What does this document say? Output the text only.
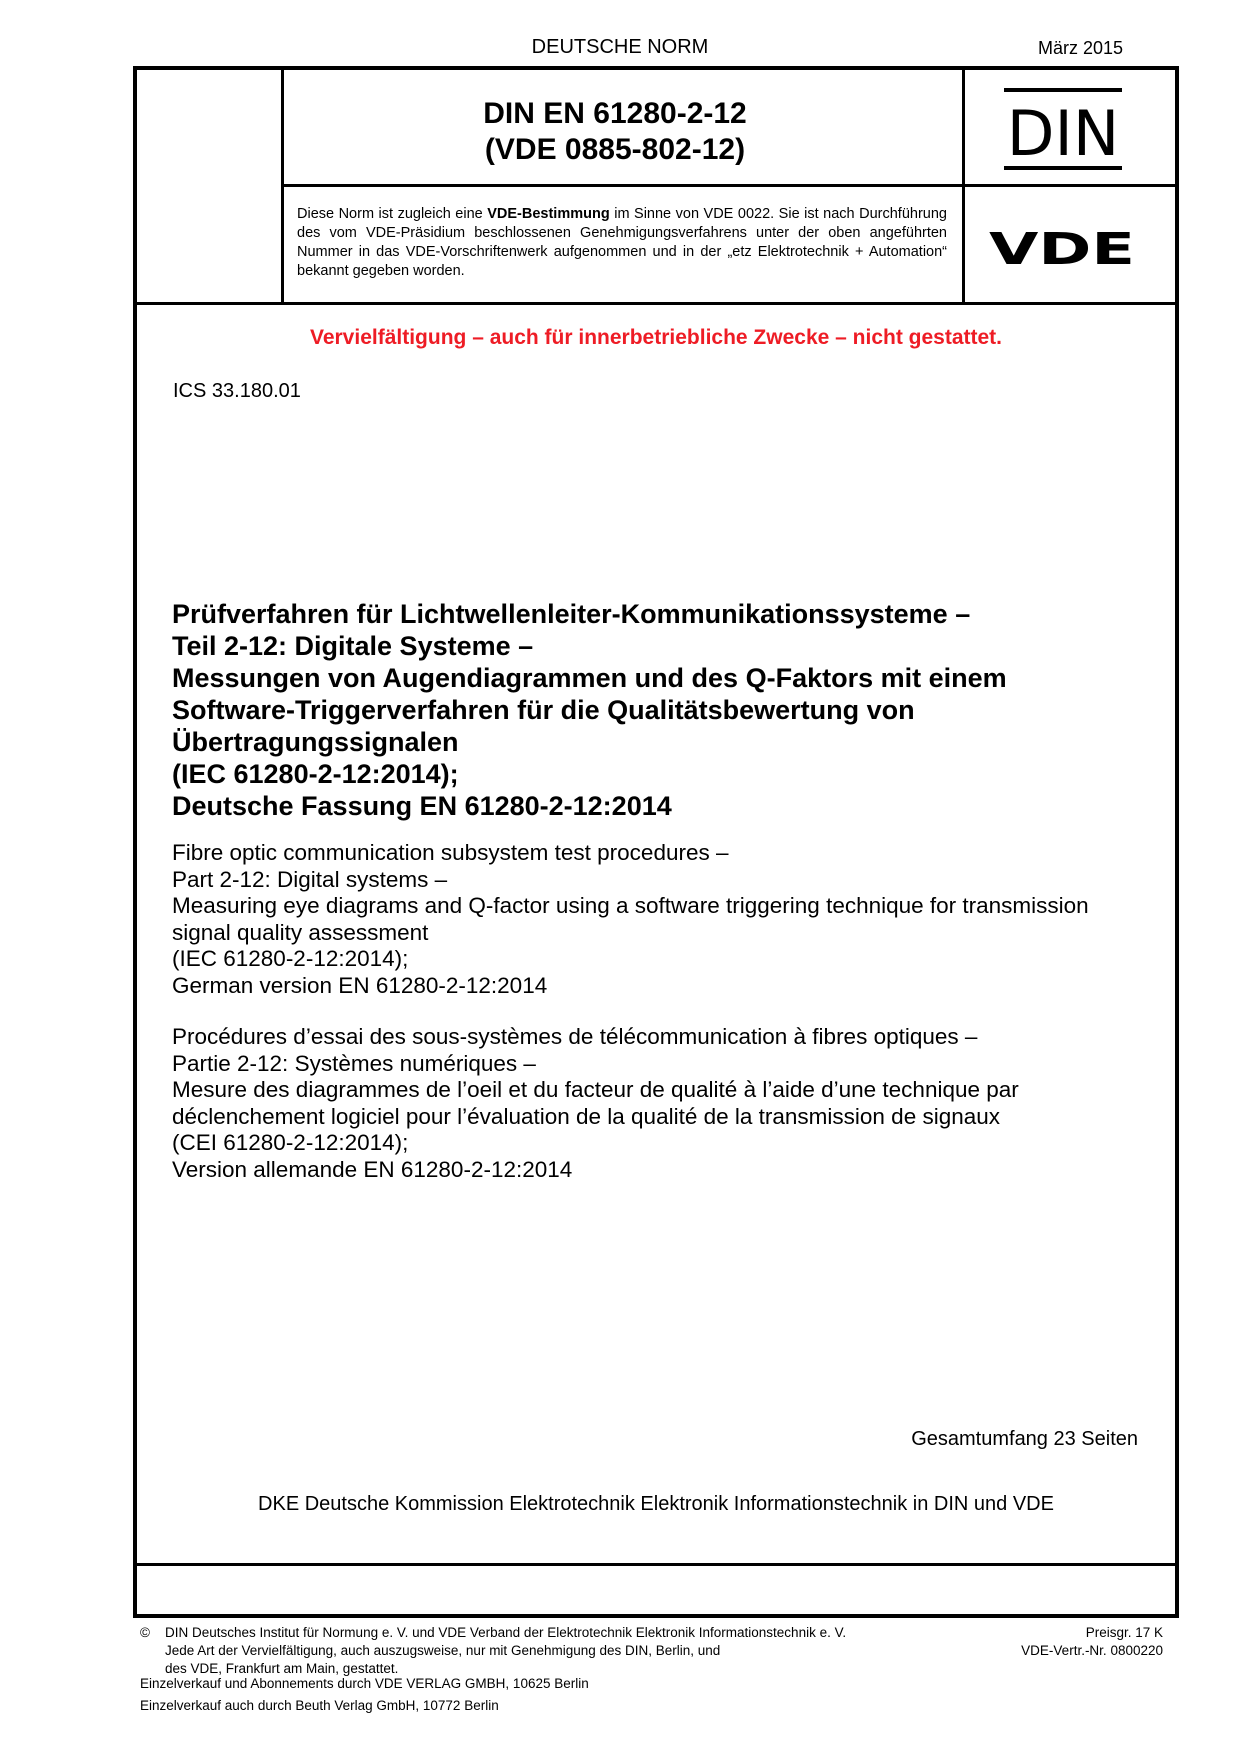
DEUTSCHE NORM	März 2015
DIN EN 61280-2-12
(VDE 0885-802-12)	DIN
Diese Norm ist zugleich eine VDE-Bestimmung im Sinne von VDE 0022. Sie ist nach Durchführung des vom VDE-Präsidium beschlossenen Genehmigungsverfahrens unter der oben angeführten Nummer in das VDE-Vorschriftenwerk aufgenommen und in der „etz Elektrotechnik + Automation“ bekannt gegeben worden.	VDE
Vervielfältigung – auch für innerbetriebliche Zwecke – nicht gestattet.
ICS 33.180.01
Prüfverfahren für Lichtwellenleiter-Kommunikationssysteme –
Teil 2-12: Digitale Systeme –
Messungen von Augendiagrammen und des Q-Faktors mit einem
Software-Triggerverfahren für die Qualitätsbewertung von
Übertragungssignalen
(IEC 61280-2-12:2014);
Deutsche Fassung EN 61280-2-12:2014
Fibre optic communication subsystem test procedures –
Part 2-12: Digital systems –
Measuring eye diagrams and Q-factor using a software triggering technique for transmission
signal quality assessment
(IEC 61280-2-12:2014);
German version EN 61280-2-12:2014
Procédures d’essai des sous-systèmes de télécommunication à fibres optiques –
Partie 2-12: Systèmes numériques –
Mesure des diagrammes de l’oeil et du facteur de qualité à l’aide d’une technique par
déclenchement logiciel pour l’évaluation de la qualité de la transmission de signaux
(CEI 61280-2-12:2014);
Version allemande EN 61280-2-12:2014
Gesamtumfang 23 Seiten
DKE Deutsche Kommission Elektrotechnik Elektronik Informationstechnik in DIN und VDE
©	DIN Deutsches Institut für Normung e. V. und VDE Verband der Elektrotechnik Elektronik Informationstechnik e. V.
Jede Art der Vervielfältigung, auch auszugsweise, nur mit Genehmigung des DIN, Berlin, und
des VDE, Frankfurt am Main, gestattet.
Preisgr. 17 K
VDE-Vertr.-Nr. 0800220
Einzelverkauf und Abonnements durch VDE VERLAG GMBH, 10625 Berlin
Einzelverkauf auch durch Beuth Verlag GmbH, 10772 Berlin
